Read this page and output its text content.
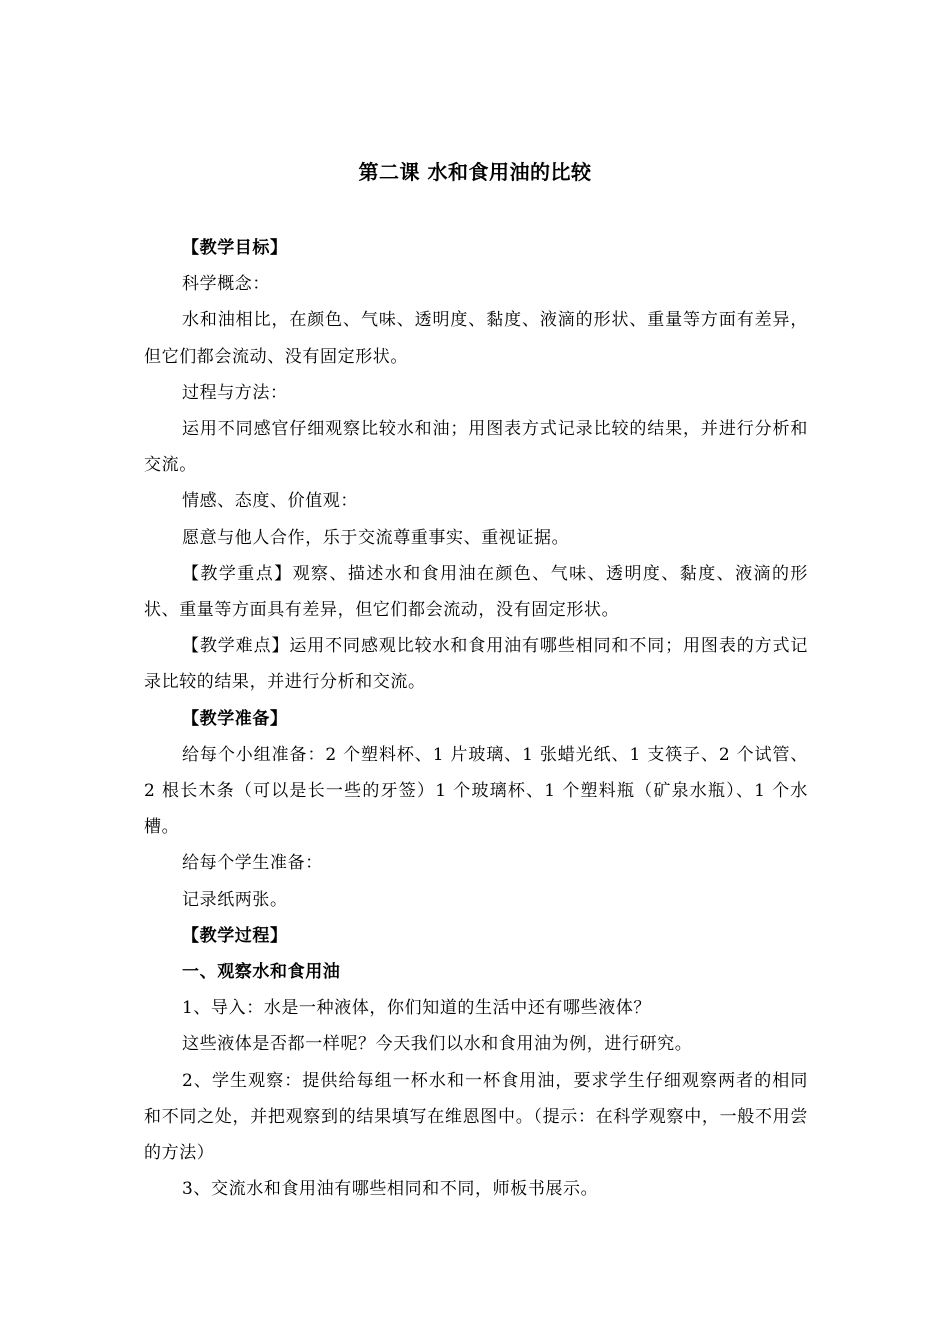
第二课 水和食用油的比较

【教学目标】

科学概念：

水和油相比，在颜色、气味、透明度、黏度、液滴的形状、重量等方面有差异，但它们都会流动、没有固定形状。

过程与方法：

运用不同感官仔细观察比较水和油；用图表方式记录比较的结果，并进行分析和交流。

情感、态度、价值观：

愿意与他人合作，乐于交流尊重事实、重视证据。

【教学重点】观察、描述水和食用油在颜色、气味、透明度、黏度、液滴的形状、重量等方面具有差异，但它们都会流动，没有固定形状。

【教学难点】运用不同感观比较水和食用油有哪些相同和不同；用图表的方式记录比较的结果，并进行分析和交流。

【教学准备】

给每个小组准备：2 个塑料杯、1 片玻璃、1 张蜡光纸、1 支筷子、2 个试管、2 根长木条（可以是长一些的牙签）1 个玻璃杯、1 个塑料瓶（矿泉水瓶）、1 个水槽。

给每个学生准备：

记录纸两张。

【教学过程】

一、观察水和食用油

1、导入：水是一种液体，你们知道的生活中还有哪些液体？

这些液体是否都一样呢？今天我们以水和食用油为例，进行研究。

2、学生观察：提供给每组一杯水和一杯食用油，要求学生仔细观察两者的相同和不同之处，并把观察到的结果填写在维恩图中。（提示：在科学观察中，一般不用尝的方法）

3、交流水和食用油有哪些相同和不同，师板书展示。
